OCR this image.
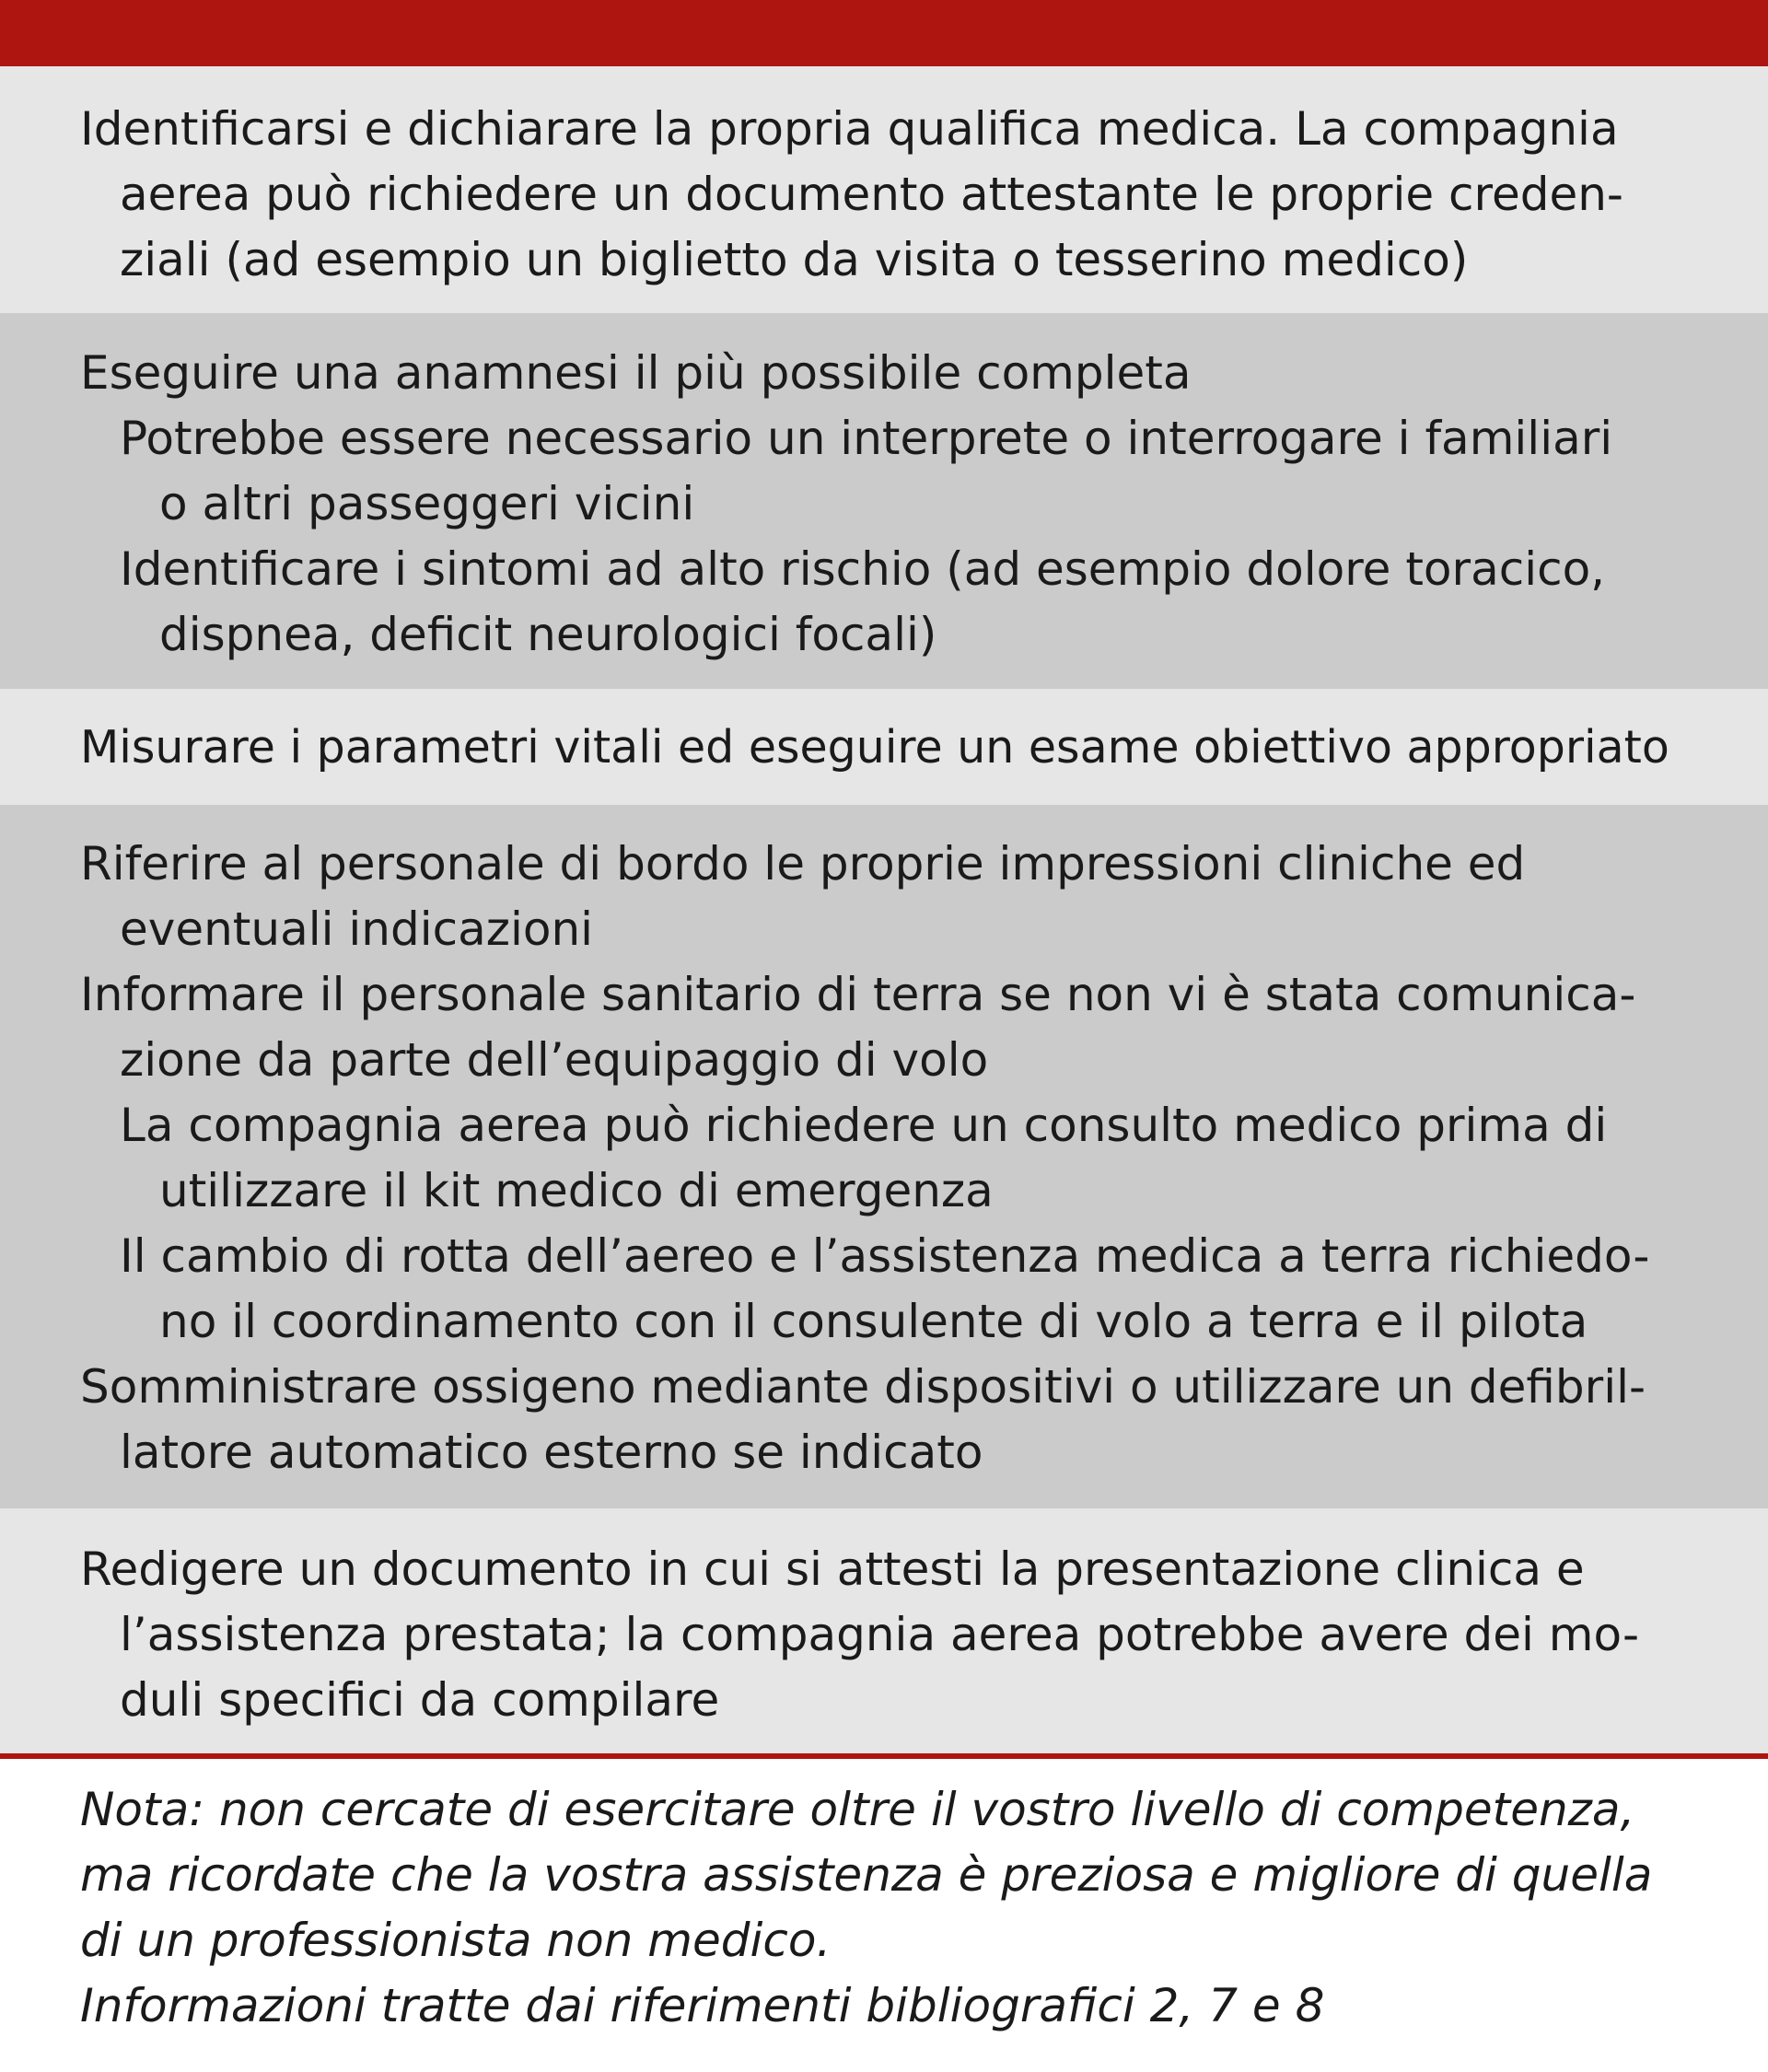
Identificarsi e dichiarare la propria qualifica medica. La compagnia
aerea può richiedere un documento attestante le proprie creden-
ziali (ad esempio un biglietto da visita o tesserino medico)
Eseguire una anamnesi il più possibile completa
Potrebbe essere necessario un interprete o interrogare i familiari
o altri passeggeri vicini
Identificare i sintomi ad alto rischio (ad esempio dolore toracico,
dispnea, deficit neurologici focali)
Misurare i parametri vitali ed eseguire un esame obiettivo appropriato
Riferire al personale di bordo le proprie impressioni cliniche ed
eventuali indicazioni
Informare il personale sanitario di terra se non vi è stata comunica-
zione da parte dell’equipaggio di volo
La compagnia aerea può richiedere un consulto medico prima di
utilizzare il kit medico di emergenza
Il cambio di rotta dell’aereo e l’assistenza medica a terra richiedo-
no il coordinamento con il consulente di volo a terra e il pilota
Somministrare ossigeno mediante dispositivi o utilizzare un defibril-
latore automatico esterno se indicato
Redigere un documento in cui si attesti la presentazione clinica e
l’assistenza prestata; la compagnia aerea potrebbe avere dei mo-
duli specifici da compilare
Nota: non cercate di esercitare oltre il vostro livello di competenza,
ma ricordate che la vostra assistenza è preziosa e migliore di quella
di un professionista non medico.
Informazioni tratte dai riferimenti bibliografici 2, 7 e 8
